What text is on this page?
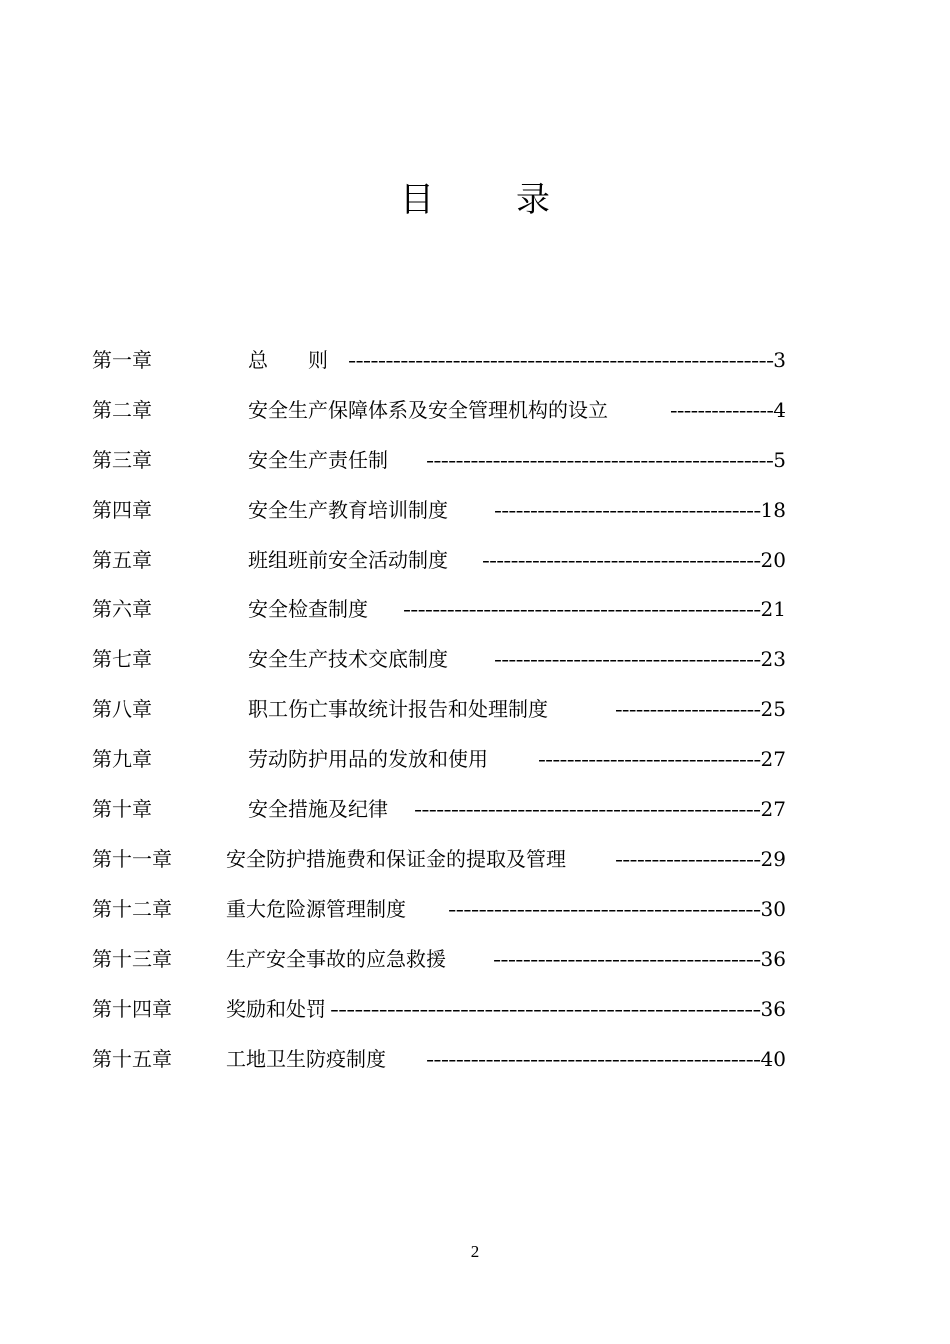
目 录
第一章	总　　则 --------------------------------------------------------- 3
第二章	安全生产保障体系及安全管理机构的设立	--------------- 4
第三章	安全生产责任制 ----------------------------------------------- 5
第四章	安全生产教育培训制度 ------------------------------------- 18
第五章	班组班前安全活动制度 --------------------------------------- 20
第六章	安全检查制度 ------------------------------------------------- 21
第七章	安全生产技术交底制度 ------------------------------------- 23
第八章	职工伤亡事故统计报告和处理制度	--------------------- 25
第九章	劳动防护用品的发放和使用	------------------------------- 27
第十章	安全措施及纪律 ----------------------------------------------- 27
第十一章	安全防护措施费和保证金的提取及管理 -------------------- 29
第十二章	重大危险源管理制度 ----------------------------------------- 30
第十三章	生产安全事故的应急救援 ------------------------------------ 36
第十四章	奖励和处罚 ----------------------------------------------------- 36
第十五章	工地卫生防疫制度 --------------------------------------------- 40
2
